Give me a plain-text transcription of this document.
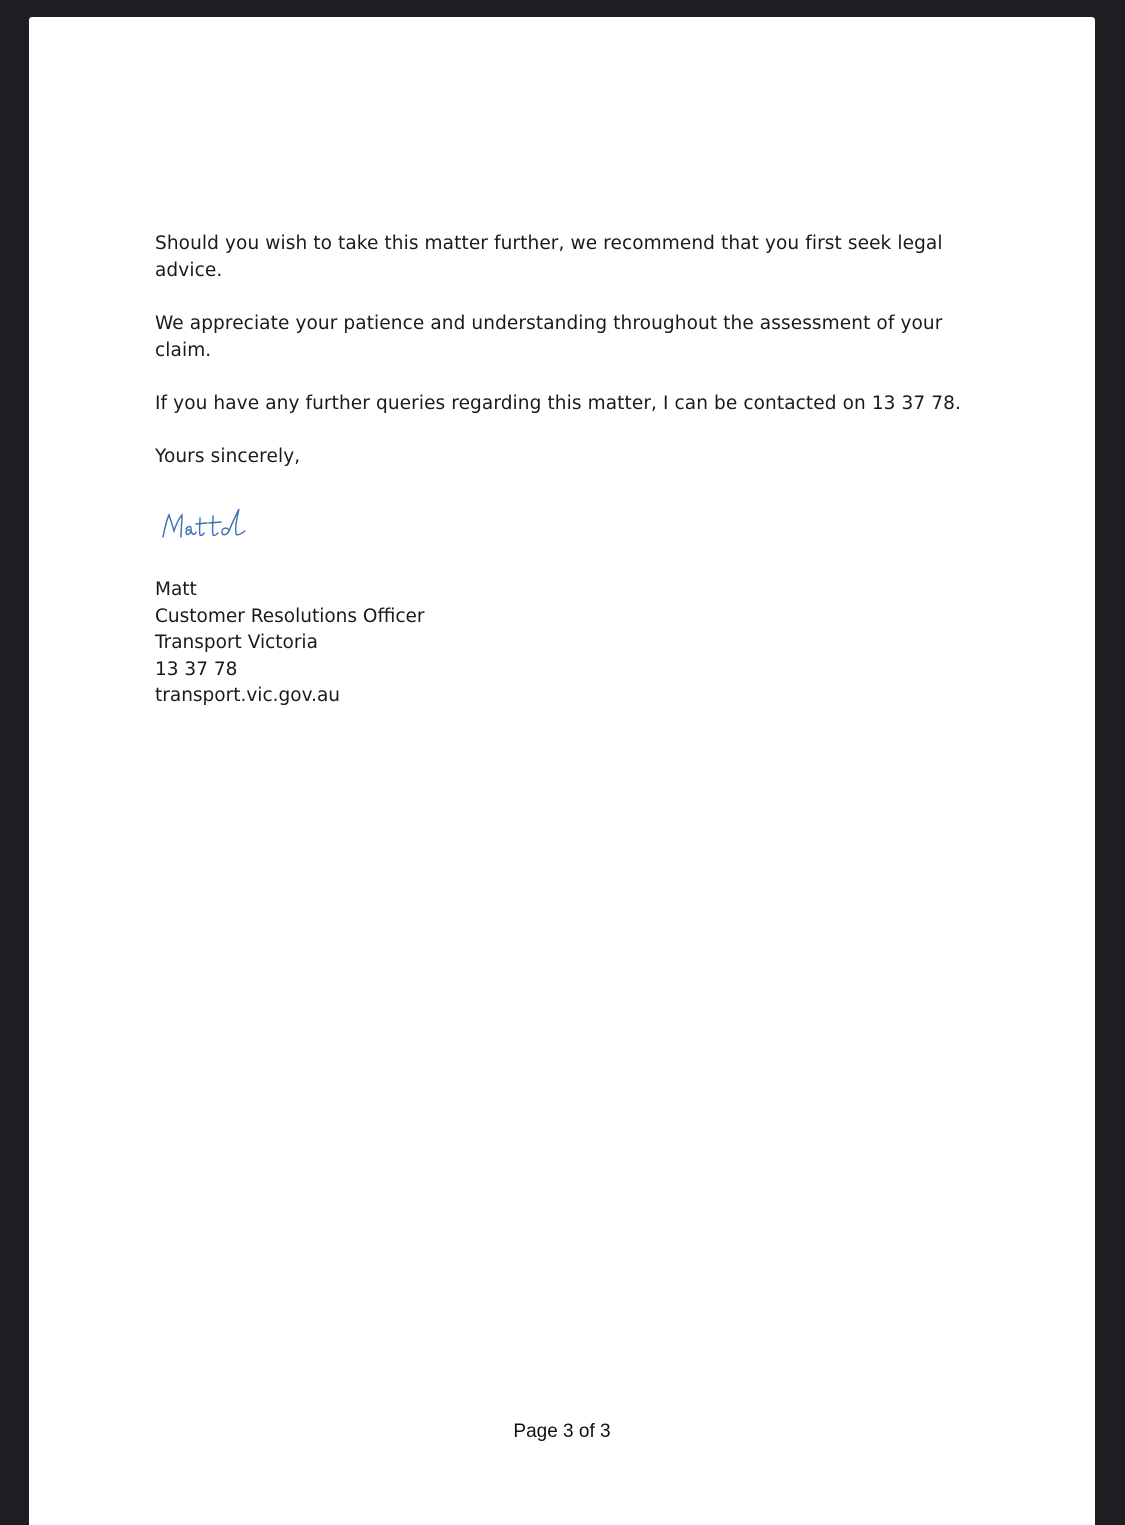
Should you wish to take this matter further, we recommend that you first seek legal advice.

We appreciate your patience and understanding throughout the assessment of your claim.

If you have any further queries regarding this matter, I can be contacted on 13 37 78.

Yours sincerely,

Matt
Customer Resolutions Officer
Transport Victoria
13 37 78
transport.vic.gov.au
Page 3 of 3
